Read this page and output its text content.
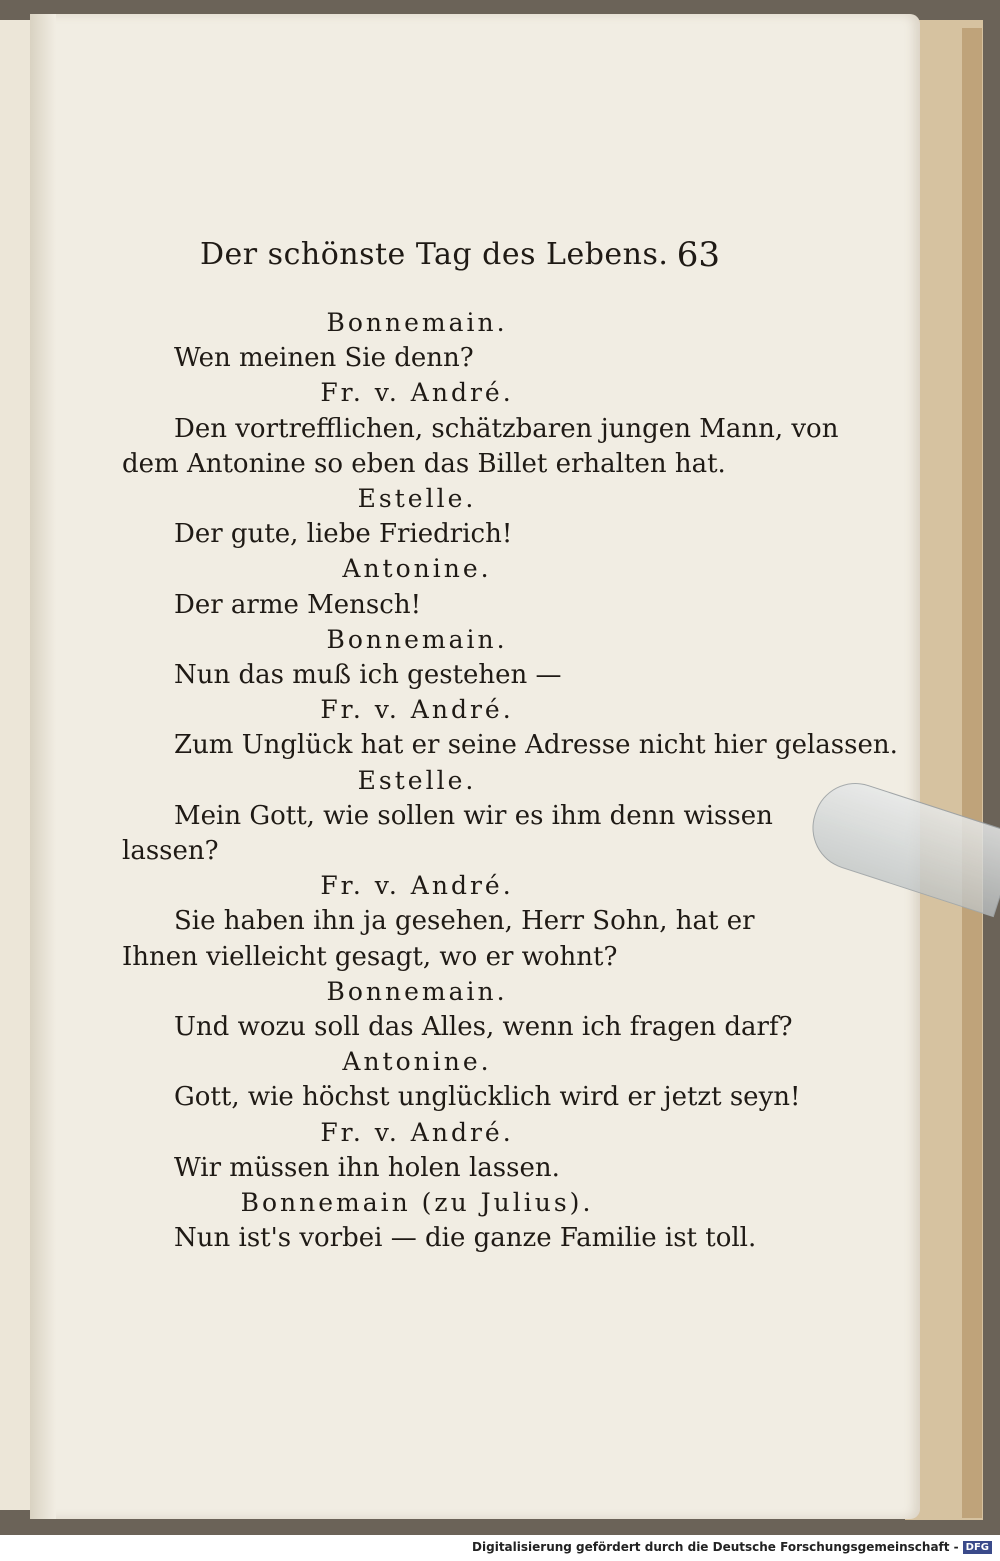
Der schönste Tag des Lebens. 63
Bonnemain.
Wen meinen Sie denn?
Fr. v. André.
Den vortrefflichen, schätzbaren jungen Mann, von
dem Antonine so eben das Billet erhalten hat.
Estelle.
Der gute, liebe Friedrich!
Antonine.
Der arme Mensch!
Bonnemain.
Nun das muß ich gestehen —
Fr. v. André.
Zum Unglück hat er seine Adresse nicht hier gelassen.
Estelle.
Mein Gott, wie sollen wir es ihm denn wissen
lassen?
Fr. v. André.
Sie haben ihn ja gesehen, Herr Sohn, hat er
Ihnen vielleicht gesagt, wo er wohnt?
Bonnemain.
Und wozu soll das Alles, wenn ich fragen darf?
Antonine.
Gott, wie höchst unglücklich wird er jetzt seyn!
Fr. v. André.
Wir müssen ihn holen lassen.
Bonnemain (zu Julius).
Nun ist's vorbei — die ganze Familie ist toll.
Digitalisierung gefördert durch die Deutsche Forschungsgemeinschaft - DFG
